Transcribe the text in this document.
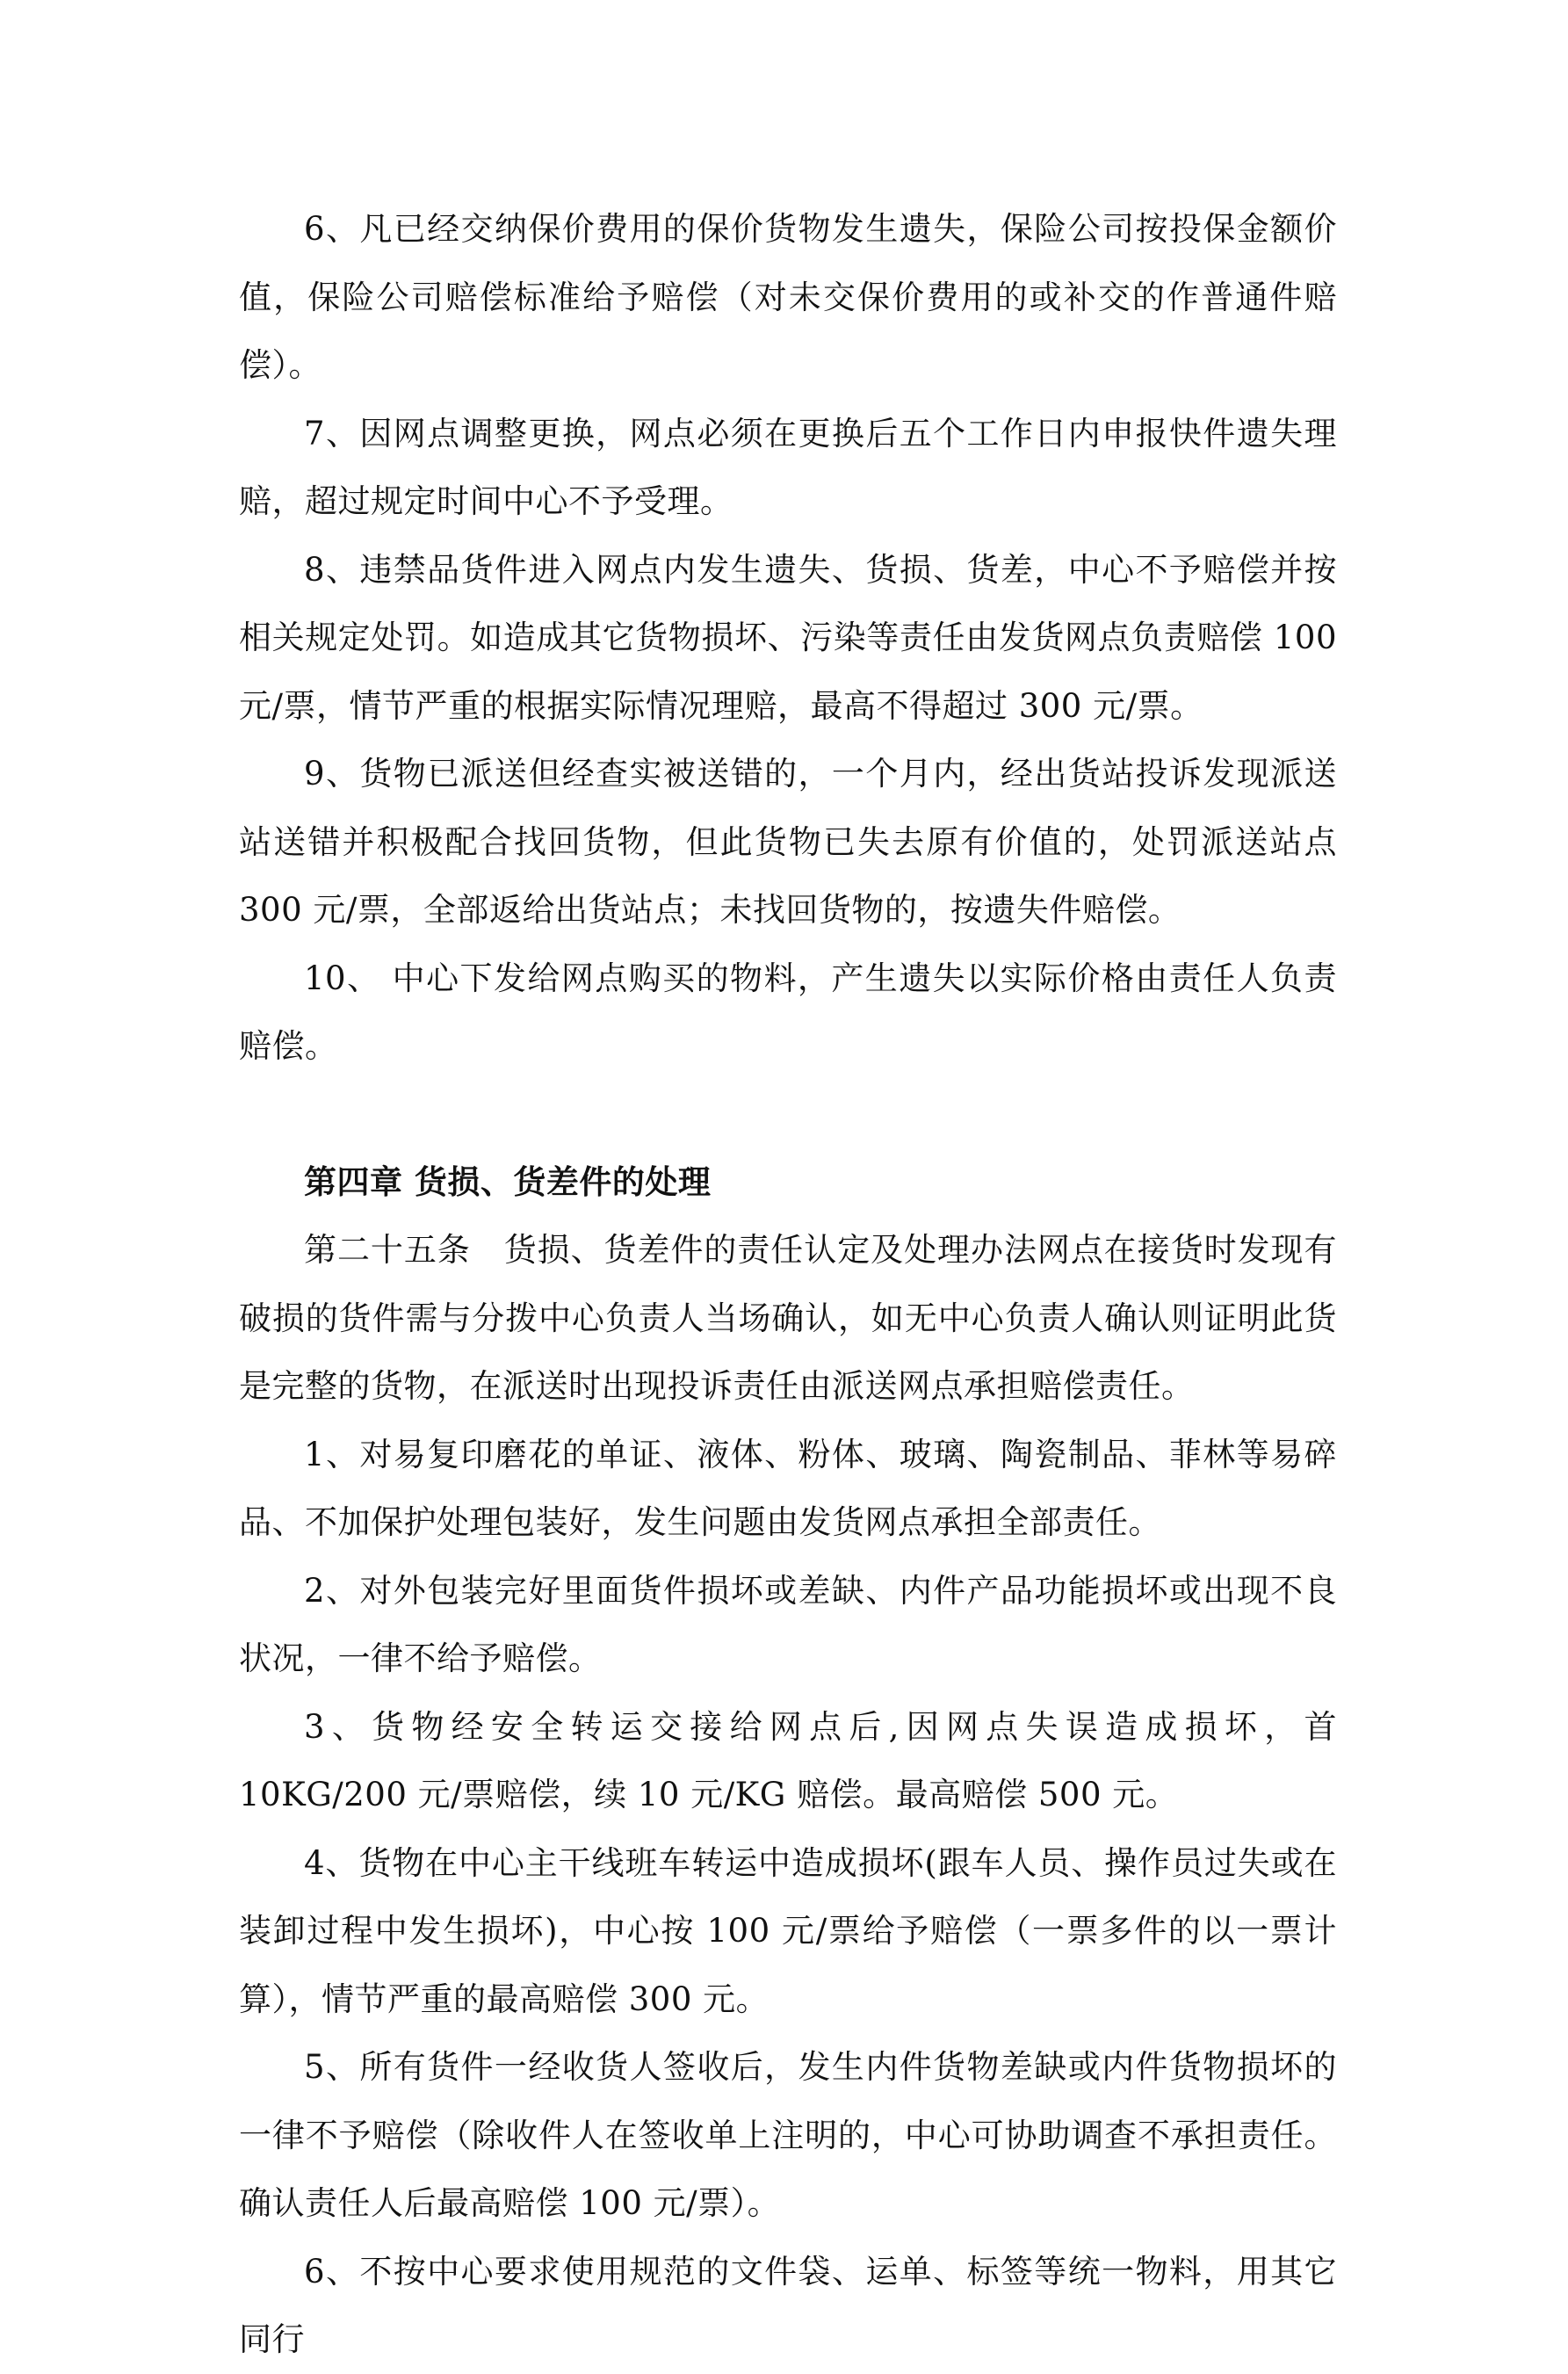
6、凡已经交纳保价费用的保价货物发生遗失，保险公司按投保金额价值，保险公司赔偿标准给予赔偿（对未交保价费用的或补交的作普通件赔偿）。

7、因网点调整更换，网点必须在更换后五个工作日内申报快件遗失理赔，超过规定时间中心不予受理。

8、违禁品货件进入网点内发生遗失、货损、货差，中心不予赔偿并按相关规定处罚。如造成其它货物损坏、污染等责任由发货网点负责赔偿 100 元/票，情节严重的根据实际情况理赔，最高不得超过 300 元/票。

9、货物已派送但经查实被送错的，一个月内，经出货站投诉发现派送站送错并积极配合找回货物，但此货物已失去原有价值的，处罚派送站点 300 元/票，全部返给出货站点；未找回货物的，按遗失件赔偿。

10、 中心下发给网点购买的物料，产生遗失以实际价格由责任人负责赔偿。

第四章 货损、货差件的处理

第二十五条　货损、货差件的责任认定及处理办法网点在接货时发现有破损的货件需与分拨中心负责人当场确认，如无中心负责人确认则证明此货是完整的货物，在派送时出现投诉责任由派送网点承担赔偿责任。

1、对易复印磨花的单证、液体、粉体、玻璃、陶瓷制品、菲林等易碎品、不加保护处理包装好，发生问题由发货网点承担全部责任。

2、对外包装完好里面货件损坏或差缺、内件产品功能损坏或出现不良状况，一律不给予赔偿。

3、货物经安全转运交接给网点后,因网点失误造成损坏，首 10KG/200 元/票赔偿，续 10 元/KG 赔偿。最高赔偿 500 元。

4、货物在中心主干线班车转运中造成损坏(跟车人员、操作员过失或在装卸过程中发生损坏)，中心按 100 元/票给予赔偿（一票多件的以一票计算），情节严重的最高赔偿 300 元。

5、所有货件一经收货人签收后，发生内件货物差缺或内件货物损坏的一律不予赔偿（除收件人在签收单上注明的，中心可协助调查不承担责任。确认责任人后最高赔偿 100 元/票）。

6、不按中心要求使用规范的文件袋、运单、标签等统一物料，用其它同行
